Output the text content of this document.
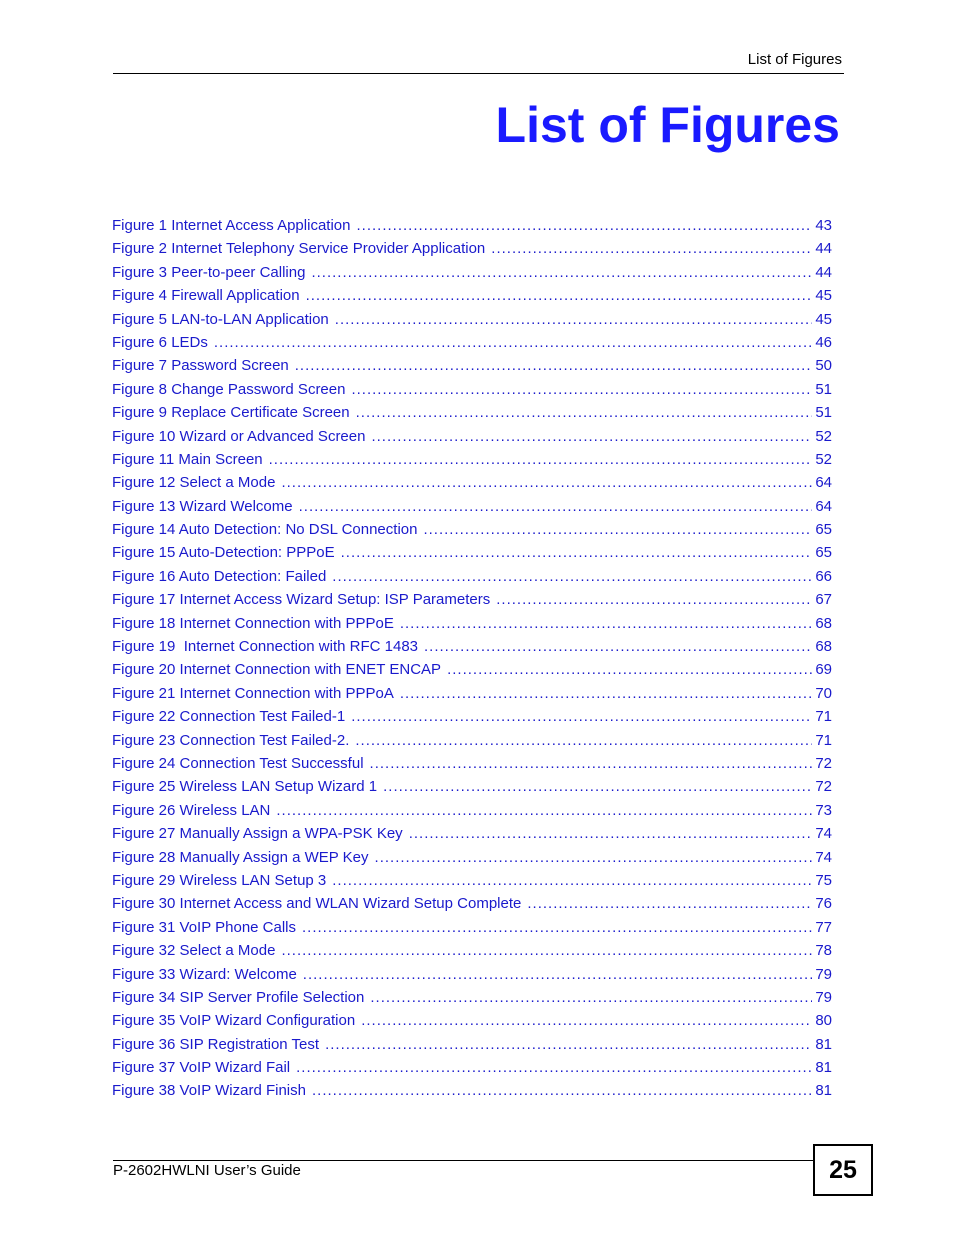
List of Figures
List of Figures
Figure 1 Internet Access Application .....	43
Figure 2 Internet Telephony Service Provider Application .....	44
Figure 3 Peer-to-peer Calling .....	44
Figure 4 Firewall Application .....	45
Figure 5 LAN-to-LAN Application .....	45
Figure 6 LEDs .....	46
Figure 7 Password Screen .....	50
Figure 8 Change Password Screen .....	51
Figure 9 Replace Certificate Screen .....	51
Figure 10 Wizard or Advanced Screen .....	52
Figure 11 Main Screen .....	52
Figure 12 Select a Mode .....	64
Figure 13 Wizard Welcome .....	64
Figure 14 Auto Detection: No DSL Connection .....	65
Figure 15 Auto-Detection: PPPoE .....	65
Figure 16 Auto Detection: Failed .....	66
Figure 17 Internet Access Wizard Setup: ISP Parameters .....	67
Figure 18 Internet Connection with PPPoE .....	68
Figure 19  Internet Connection with RFC 1483 .....	68
Figure 20 Internet Connection with ENET ENCAP .....	69
Figure 21 Internet Connection with PPPoA .....	70
Figure 22 Connection Test Failed-1 .....	71
Figure 23 Connection Test Failed-2. .....	71
Figure 24 Connection Test Successful .....	72
Figure 25 Wireless LAN Setup Wizard 1 .....	72
Figure 26 Wireless LAN .....	73
Figure 27 Manually Assign a WPA-PSK Key .....	74
Figure 28 Manually Assign a WEP Key .....	74
Figure 29 Wireless LAN Setup 3 .....	75
Figure 30 Internet Access and WLAN Wizard Setup Complete .....	76
Figure 31 VoIP Phone Calls .....	77
Figure 32 Select a Mode .....	78
Figure 33 Wizard: Welcome .....	79
Figure 34 SIP Server Profile Selection .....	79
Figure 35 VoIP Wizard Configuration .....	80
Figure 36 SIP Registration Test .....	81
Figure 37 VoIP Wizard Fail .....	81
Figure 38 VoIP Wizard Finish .....	81
P-2602HWLNI User’s Guide	25
